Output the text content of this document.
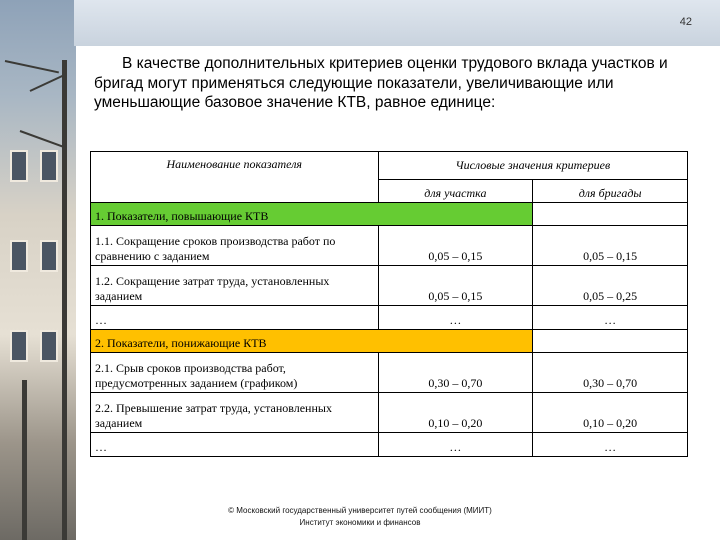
42

В качестве дополнительных критериев оценки трудового вклада участков и бригад могут применяться следующие показатели, увеличивающие или уменьшающие базовое значение КТВ, равное единице:

Наименование показателя	Числовые значения критериев	
	для участка	для бригады
1. Показатели, повышающие КТВ		
1.1. Сокращение сроков производства работ по сравнению с заданием	0,05 – 0,15	0,05 – 0,15
1.2. Сокращение затрат труда, установленных заданием	0,05 – 0,15	0,05 – 0,25
…	…	…
2. Показатели, понижающие КТВ		
2.1. Срыв сроков производства работ, предусмотренных заданием (графиком)	0,30 – 0,70	0,30 – 0,70
2.2. Превышение затрат труда, установленных заданием	0,10 – 0,20	0,10 – 0,20
…	…	…
© Московский государственный университет путей сообщения (МИИТ)
Институт экономики и финансов
